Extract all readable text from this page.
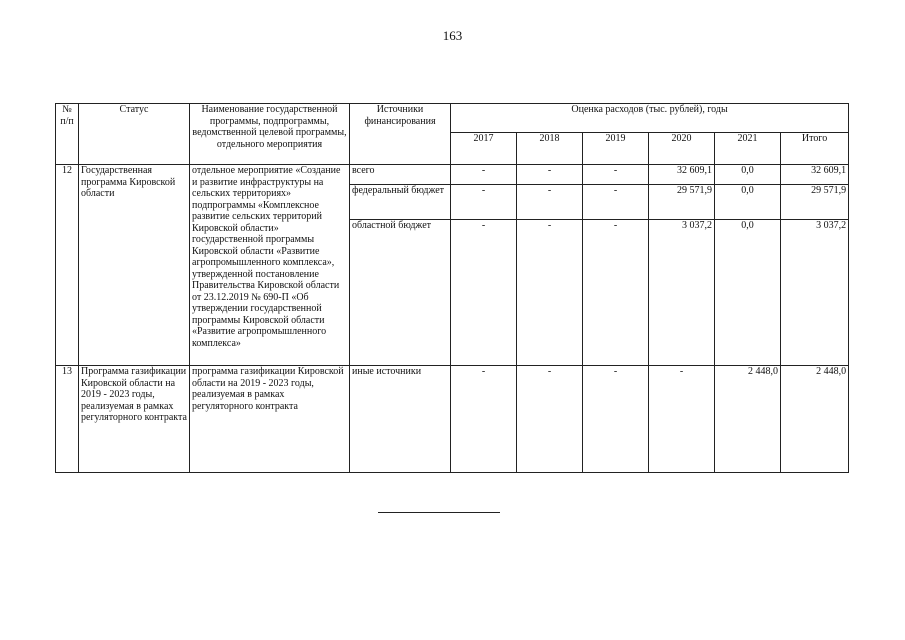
163
№ п/п	Статус	Наименование государственной программы, подпрограммы, ведомственной целевой программы, отдельного мероприятия	Источники финансирования	Оценка расходов (тыс. рублей), годы					
				2017	2018	2019	2020	2021	Итого
12	Государственная программа Кировской области	отдельное мероприятие «Создание и развитие инфраструктуры на сельских территориях» подпрограммы «Комплексное развитие сельских территорий Кировской области» государственной программы Кировской области «Развитие агропромышленного комплекса», утвержденной постановление Правительства Кировской области от 23.12.2019 № 690-П «Об утверждении государственной программы Кировской области «Развитие агропромышленного комплекса»	всего	-	-	-	32 609,1	0,0	32 609,1
			федеральный бюджет	-	-	-	29 571,9	0,0	29 571,9
			областной бюджет	-	-	-	3 037,2	0,0	3 037,2
13	Программа газификации Кировской области на 2019 - 2023 годы, реализуемая в рамках регуляторного контракта	программа газификации Кировской области на 2019 - 2023 годы, реализуемая в рамках регуляторного контракта	иные источники	-	-	-	-	2 448,0	2 448,0
